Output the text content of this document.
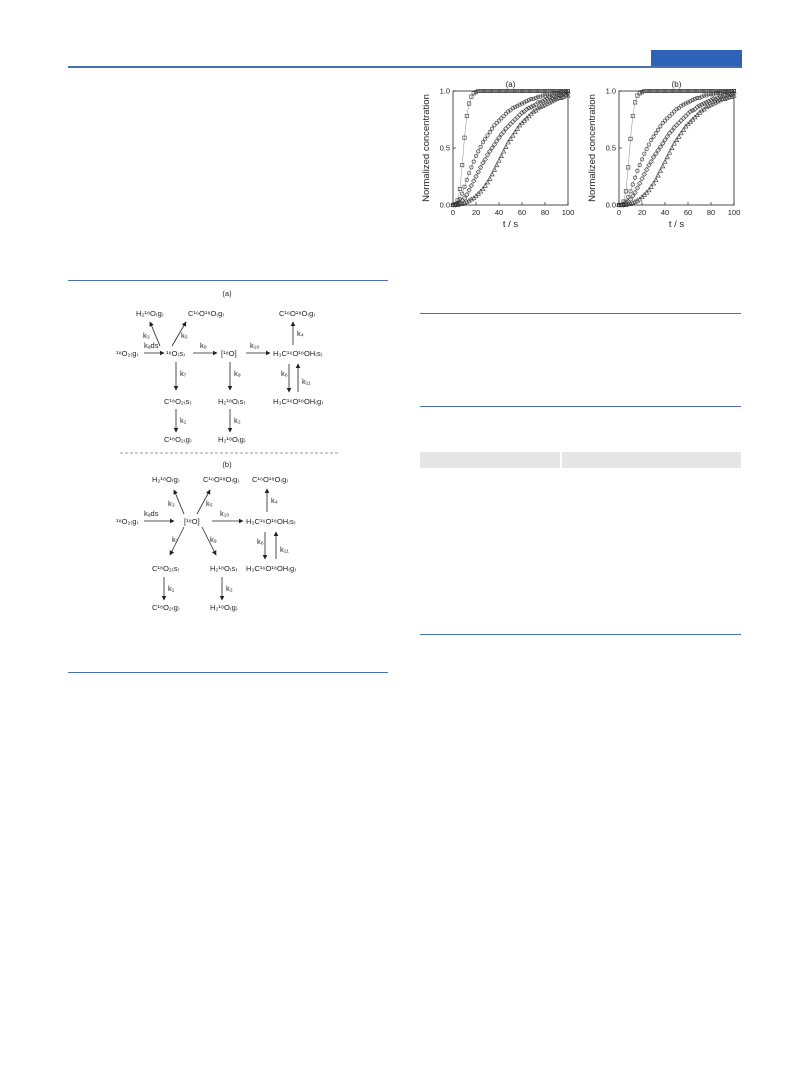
(a)
H₂¹⁸O₍g₎	C¹⁶O¹⁸O₍g₎	C¹⁶O¹⁸O₍g₎
¹⁸O₂₍g₎	¹⁸O₍s₎	[¹⁸O]	H₃C¹⁶O¹⁸OH₍s₎
C¹⁸O₂₍s₎	H₂¹⁸O₍s₎	H₃C¹⁶O¹⁸OH₍g₎
C¹⁸O₂₍g₎	H₂¹⁸O₍g₎
k₃	k₅
kₐds	k₈	k₁₀
k₄
k₇	k₉	k₆
k₁₁
k₁	k₂
(b)
H₂¹⁸O₍g₎	C¹⁶O¹⁸O₍g₎ C¹⁶O¹⁸O₍g₎
¹⁸O₂₍g₎	[¹⁸O]	H₃C¹⁶O¹⁸OH₍s₎
C¹⁸O₂₍s₎	H₂¹⁸O₍s₎ H₃C¹⁶O¹⁸OH₍g₎
C¹⁸O₂₍g₎	H₂¹⁸O₍g₎
k₃	k₅
kₐds	k₁₀
k₄
k₇	k₉	k₆
k₁₁
k₁	k₂
(a)
0 20 40 60 80 100
0.0
0.5
1.0
t / s
Normalized concentration
(b)
0 20 40 60 80 100
0.0
0.5
1.0
t / s
Normalized concentration
